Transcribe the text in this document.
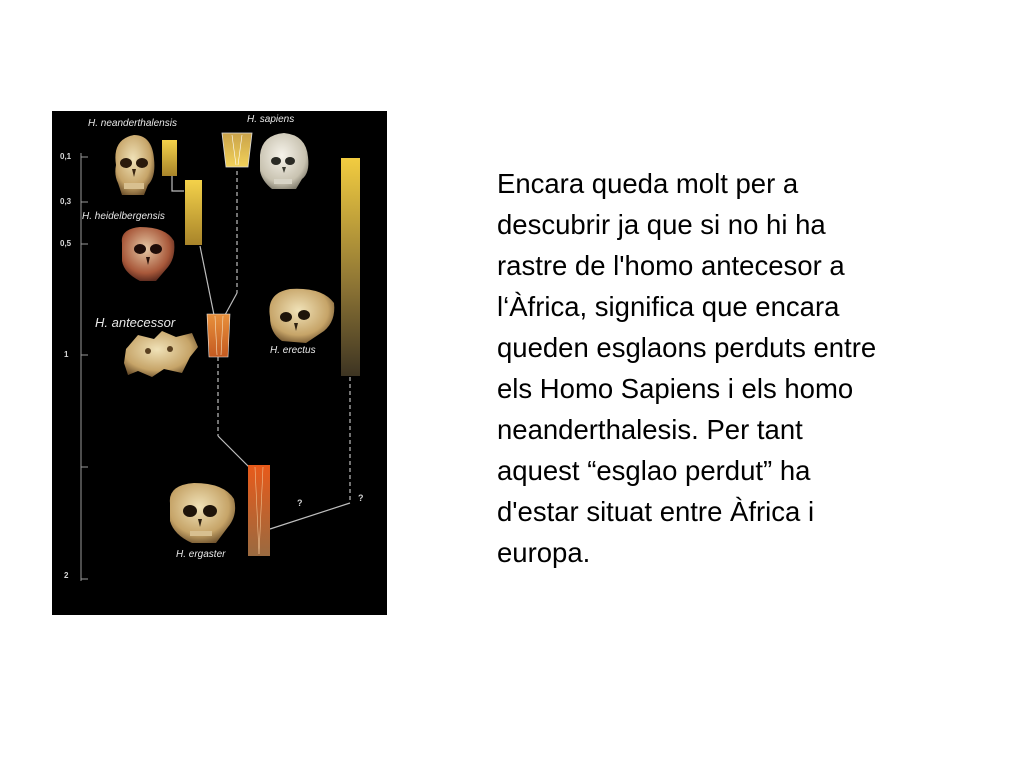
H. neanderthalensis	H. sapiens
H. heidelbergensis
H. antecessor
H. erectus
H. ergaster
0,1
0,3
0,5
1
2
?	?
Encara queda molt per a
descubrir ja que si no hi ha
rastre de l'homo antecesor a
l‘Àfrica, significa que encara
queden esglaons perduts entre
els Homo Sapiens i els homo
neanderthalesis. Per tant
aquest “esglao perdut” ha
d'estar situat entre Àfrica i
europa.
